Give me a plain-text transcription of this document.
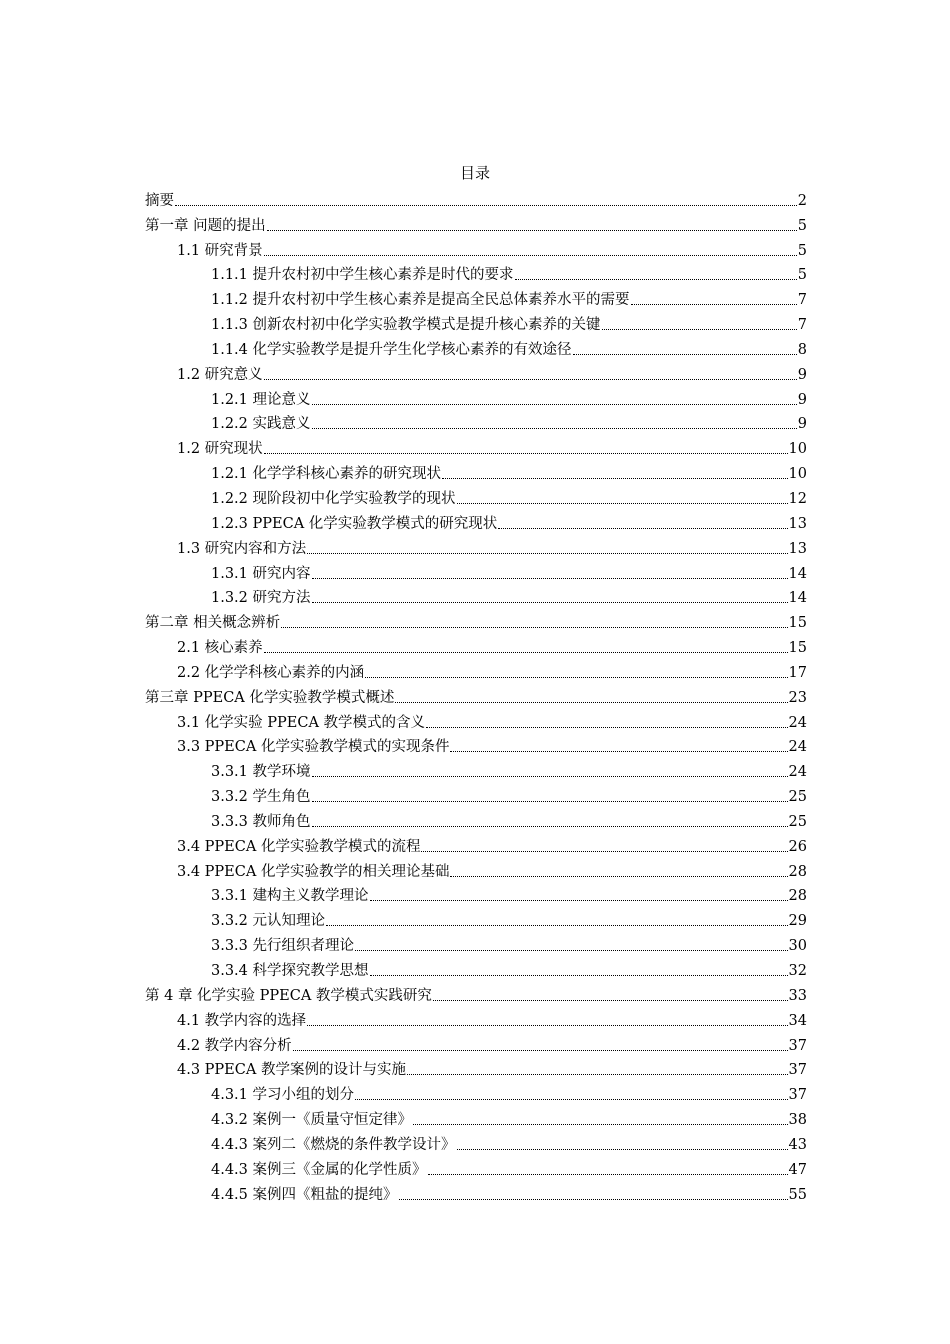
目录
摘要	2
第一章 问题的提出	5
1.1 研究背景	5
1.1.1 提升农村初中学生核心素养是时代的要求	5
1.1.2 提升农村初中学生核心素养是提高全民总体素养水平的需要	7
1.1.3 创新农村初中化学实验教学模式是提升核心素养的关键	7
1.1.4 化学实验教学是提升学生化学核心素养的有效途径	8
1.2 研究意义	9
1.2.1 理论意义	9
1.2.2 实践意义	9
1.2 研究现状	10
1.2.1 化学学科核心素养的研究现状	10
1.2.2 现阶段初中化学实验教学的现状	12
1.2.3 PPECA 化学实验教学模式的研究现状	13
1.3 研究内容和方法	13
1.3.1 研究内容	14
1.3.2 研究方法	14
第二章 相关概念辨析	15
2.1 核心素养	15
2.2 化学学科核心素养的内涵	17
第三章 PPECA 化学实验教学模式概述	23
3.1 化学实验 PPECA 教学模式的含义	24
3.3 PPECA 化学实验教学模式的实现条件	24
3.3.1 教学环境	24
3.3.2 学生角色	25
3.3.3 教师角色	25
3.4 PPECA 化学实验教学模式的流程	26
3.4 PPECA 化学实验教学的相关理论基础	28
3.3.1 建构主义教学理论	28
3.3.2 元认知理论	29
3.3.3 先行组织者理论	30
3.3.4 科学探究教学思想	32
第 4 章 化学实验 PPECA 教学模式实践研究	33
4.1 教学内容的选择	34
4.2 教学内容分析	37
4.3 PPECA 教学案例的设计与实施	37
4.3.1 学习小组的划分	37
4.3.2 案例一《质量守恒定律》	38
4.4.3 案列二《燃烧的条件教学设计》	43
4.4.3 案例三《金属的化学性质》	47
4.4.5 案例四《粗盐的提纯》	55
